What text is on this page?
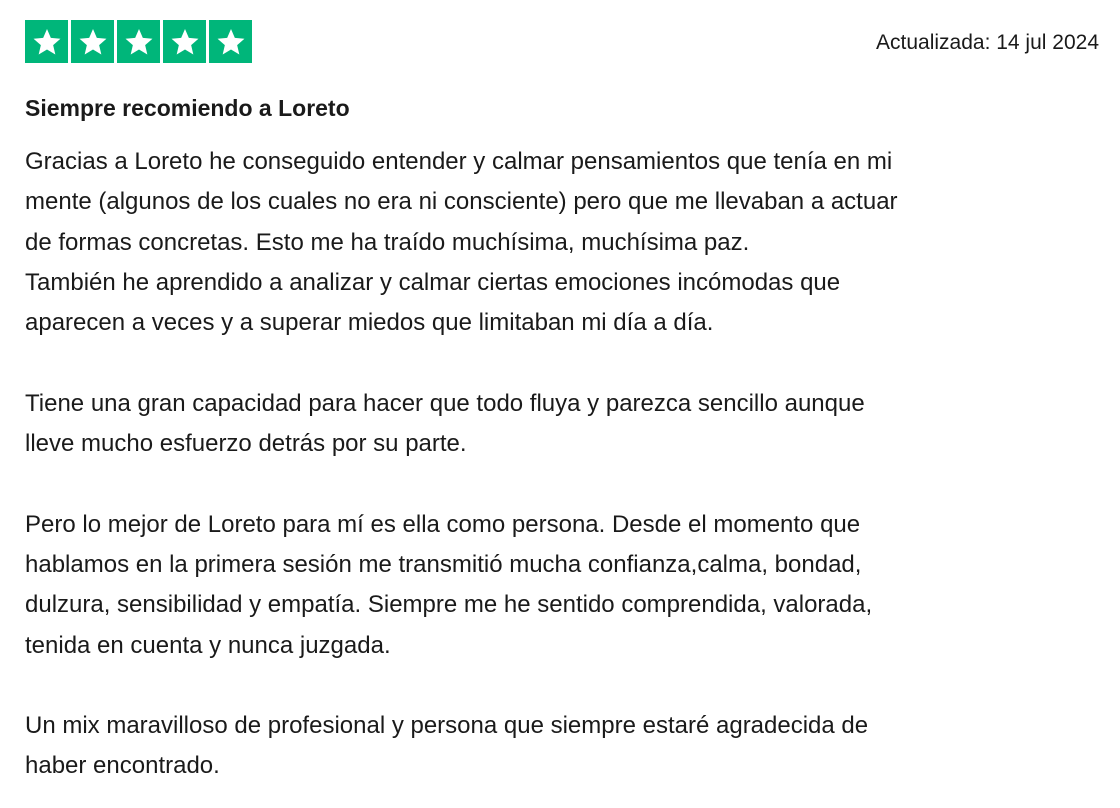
Actualizada: 14 jul 2024
Siempre recomiendo a Loreto

Gracias a Loreto he conseguido entender y calmar pensamientos que tenía en mi
mente (algunos de los cuales no era ni consciente) pero que me llevaban a actuar
de formas concretas. Esto me ha traído muchísima, muchísima paz.
También he aprendido a analizar y calmar ciertas emociones incómodas que
aparecen a veces y a superar miedos que limitaban mi día a día.

Tiene una gran capacidad para hacer que todo fluya y parezca sencillo aunque
lleve mucho esfuerzo detrás por su parte.

Pero lo mejor de Loreto para mí es ella como persona. Desde el momento que
hablamos en la primera sesión me transmitió mucha confianza,calma, bondad,
dulzura, sensibilidad y empatía. Siempre me he sentido comprendida, valorada,
tenida en cuenta y nunca juzgada.

Un mix maravilloso de profesional y persona que siempre estaré agradecida de
haber encontrado.
